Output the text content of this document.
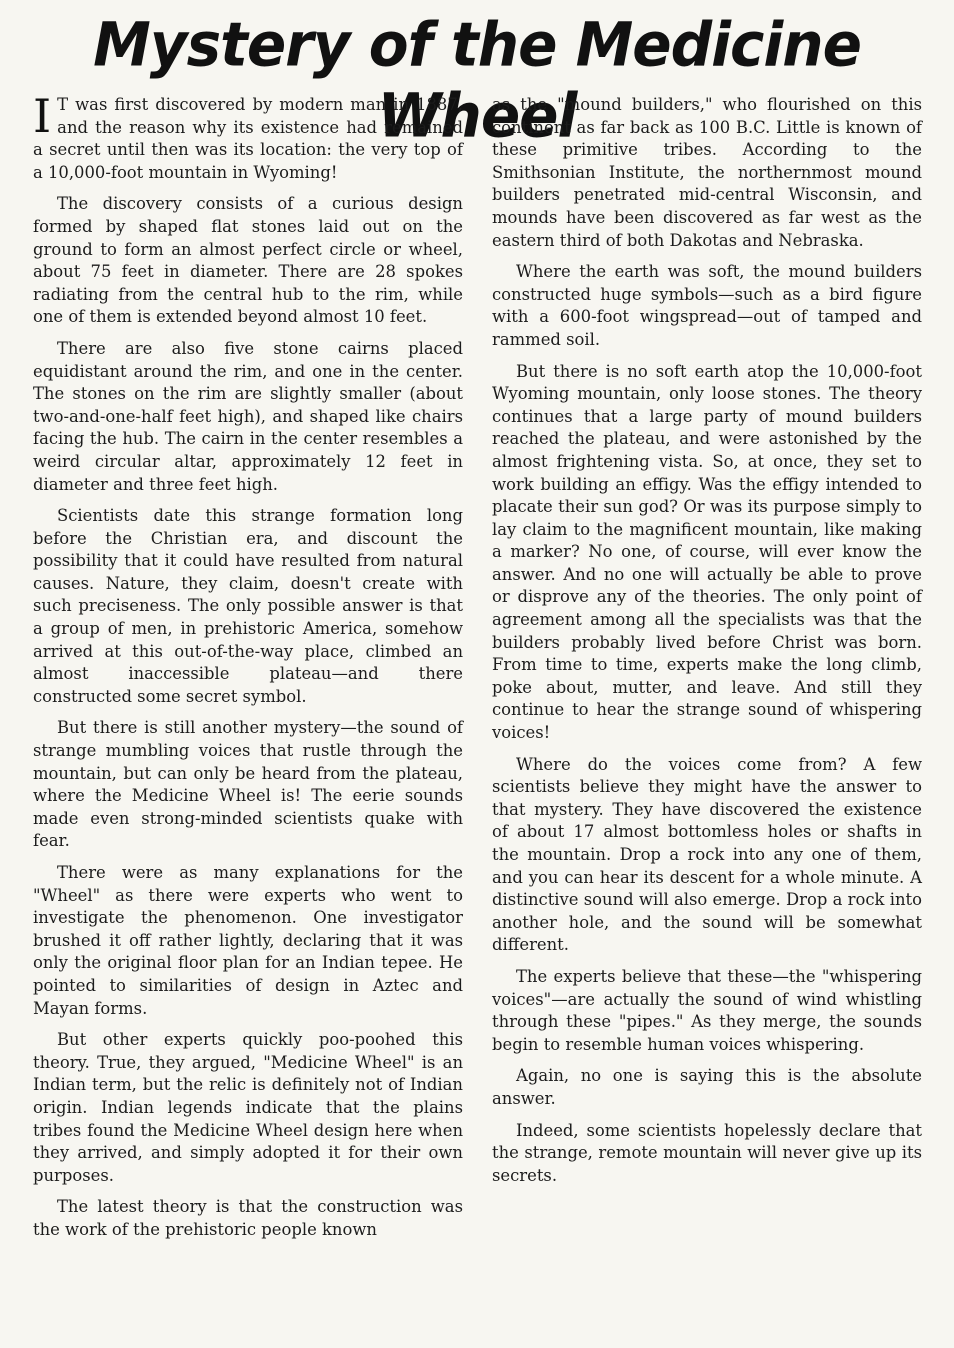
Mystery of the Medicine Wheel

I T was first discovered by modern man in 1887, and the reason why its existence had remained a secret until then was its location: the very top of a 10,000-foot mountain in Wyoming!

The discovery consists of a curious design formed by shaped flat stones laid out on the ground to form an almost perfect circle or wheel, about 75 feet in diameter. There are 28 spokes radiating from the central hub to the rim, while one of them is extended beyond almost 10 feet.

There are also five stone cairns placed equidistant around the rim, and one in the center. The stones on the rim are slightly smaller (about two-and-one-half feet high), and shaped like chairs facing the hub. The cairn in the center resembles a weird circular altar, approximately 12 feet in diameter and three feet high.

Scientists date this strange formation long before the Christian era, and discount the possibility that it could have resulted from natural causes. Nature, they claim, doesn't create with such preciseness. The only possible answer is that a group of men, in prehistoric America, somehow arrived at this out-of-the-way place, climbed an almost inaccessible plateau—and there constructed some secret symbol.

But there is still another mystery—the sound of strange mumbling voices that rustle through the mountain, but can only be heard from the plateau, where the Medicine Wheel is! The eerie sounds made even strong-minded scientists quake with fear.

There were as many explanations for the "Wheel" as there were experts who went to investigate the phenomenon. One investigator brushed it off rather lightly, declaring that it was only the original floor plan for an Indian tepee. He pointed to similarities of design in Aztec and Mayan forms.

But other experts quickly poo-poohed this theory. True, they argued, "Medicine Wheel" is an Indian term, but the relic is definitely not of Indian origin. Indian legends indicate that the plains tribes found the Medicine Wheel design here when they arrived, and simply adopted it for their own purposes.

The latest theory is that the construction was the work of the prehistoric people known

as the "mound builders," who flourished on this continent as far back as 100 B.C. Little is known of these primitive tribes. According to the Smithsonian Institute, the northernmost mound builders penetrated mid-central Wisconsin, and mounds have been discovered as far west as the eastern third of both Dakotas and Nebraska.

Where the earth was soft, the mound builders constructed huge symbols—such as a bird figure with a 600-foot wingspread—out of tamped and rammed soil.

But there is no soft earth atop the 10,000-foot Wyoming mountain, only loose stones. The theory continues that a large party of mound builders reached the plateau, and were astonished by the almost frightening vista. So, at once, they set to work building an effigy. Was the effigy intended to placate their sun god? Or was its purpose simply to lay claim to the magnificent mountain, like making a marker? No one, of course, will ever know the answer. And no one will actually be able to prove or disprove any of the theories. The only point of agreement among all the specialists was that the builders probably lived before Christ was born. From time to time, experts make the long climb, poke about, mutter, and leave. And still they continue to hear the strange sound of whispering voices!

Where do the voices come from? A few scientists believe they might have the answer to that mystery. They have discovered the existence of about 17 almost bottomless holes or shafts in the mountain. Drop a rock into any one of them, and you can hear its descent for a whole minute. A distinctive sound will also emerge. Drop a rock into another hole, and the sound will be somewhat different.

The experts believe that these—the "whispering voices"—are actually the sound of wind whistling through these "pipes." As they merge, the sounds begin to resemble human voices whispering.

Again, no one is saying this is the absolute answer.

Indeed, some scientists hopelessly declare that the strange, remote mountain will never give up its secrets.
